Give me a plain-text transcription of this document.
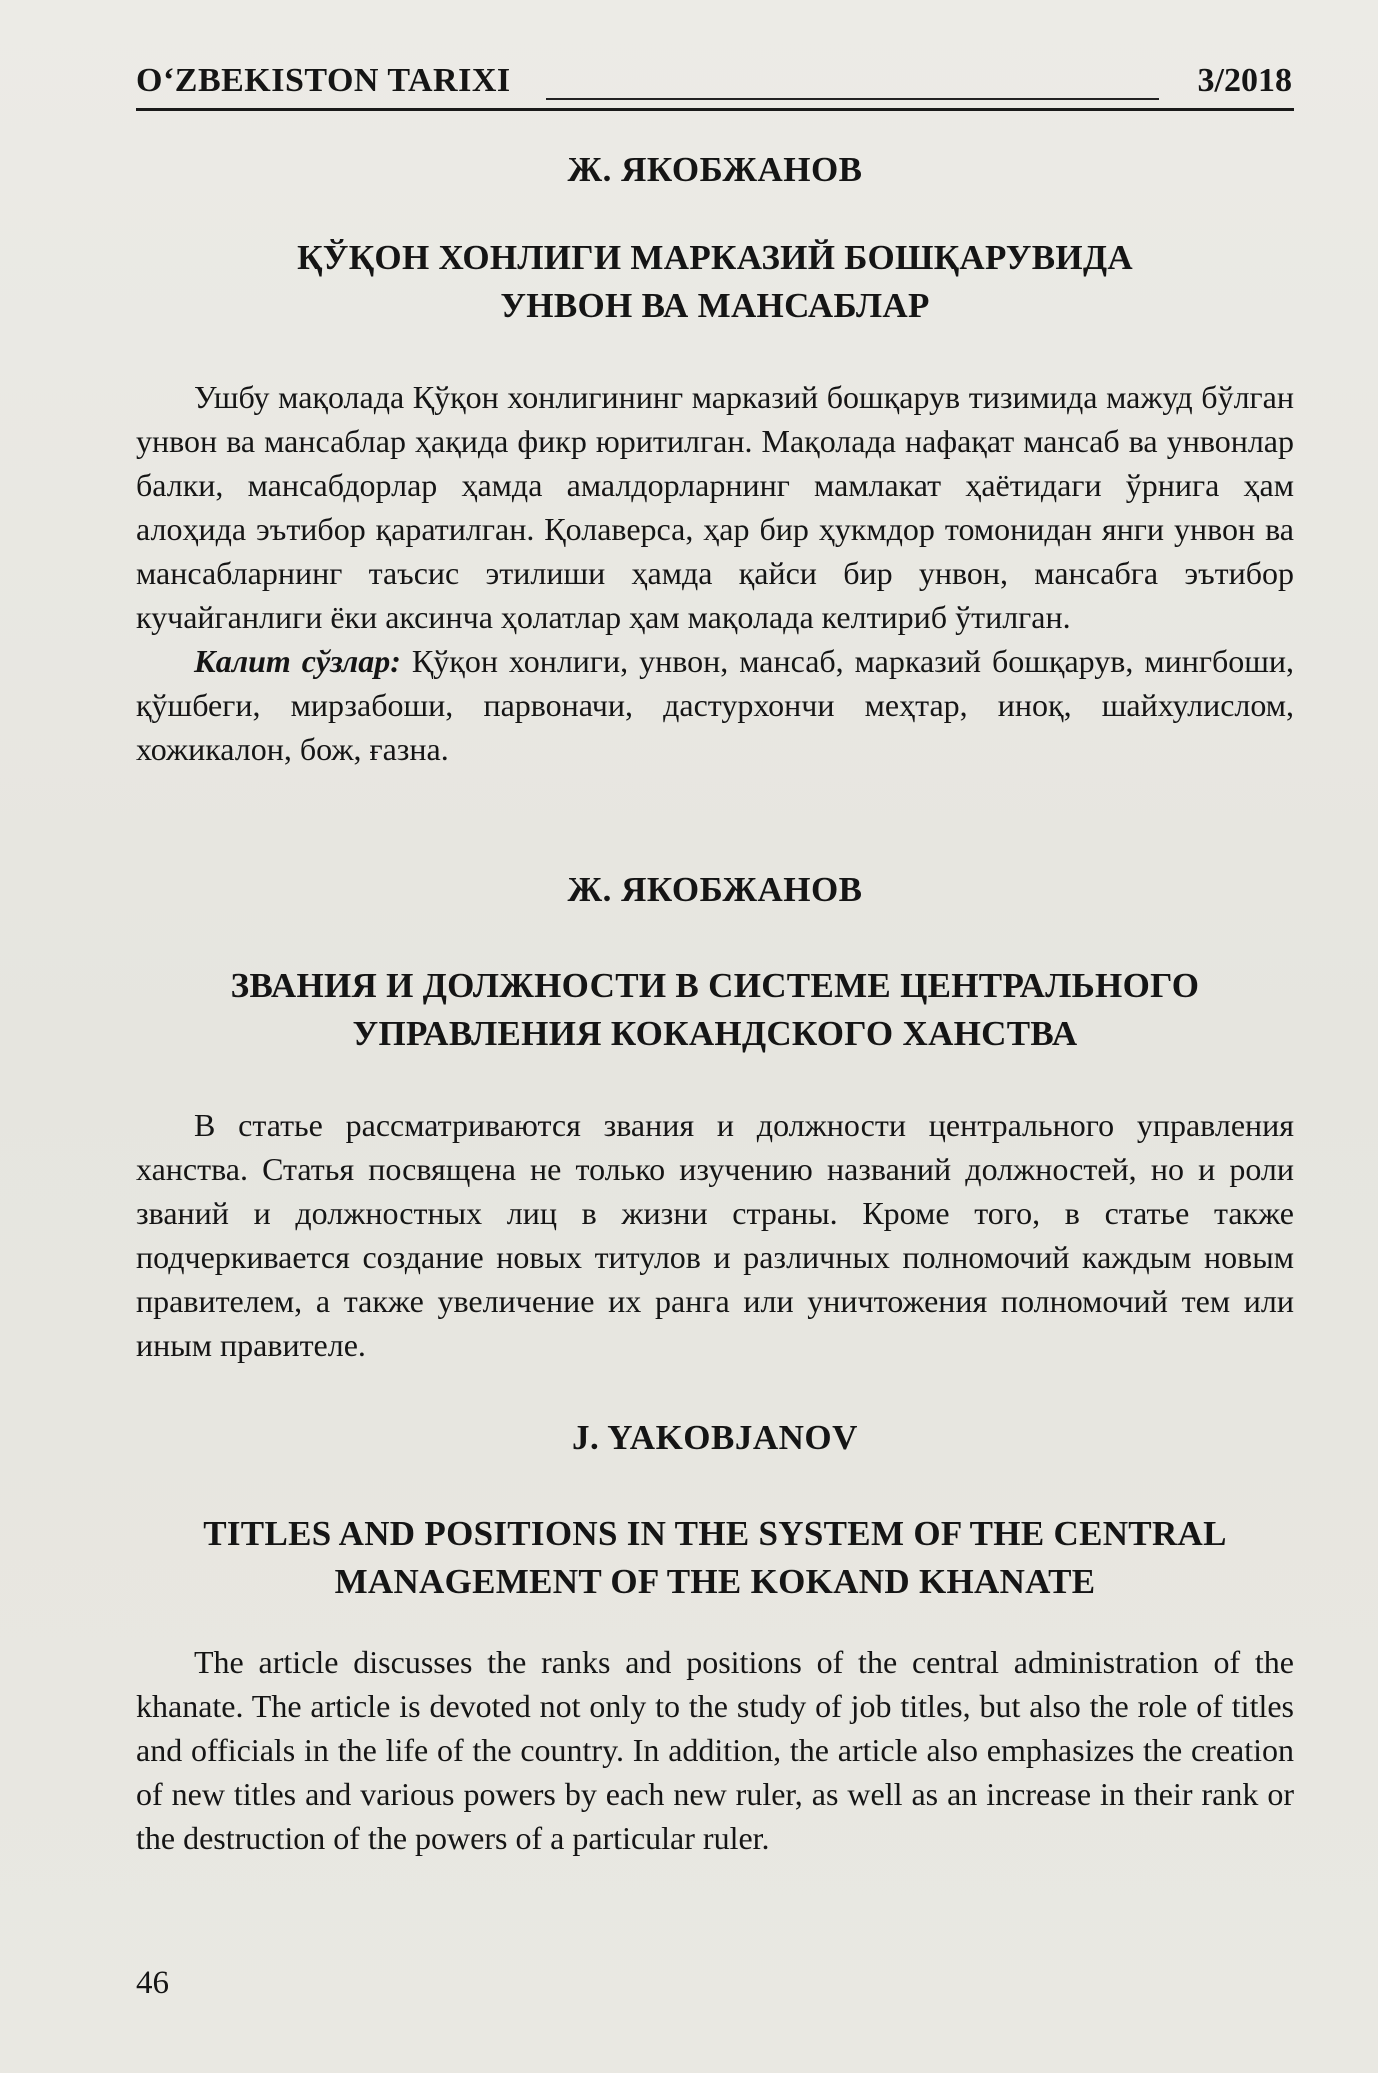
O‘ZBEKISTON TARIXI	3/2018

Ж. ЯКОБЖАНОВ

ҚЎҚОН ХОНЛИГИ МАРКАЗИЙ БОШҚАРУВИДА

УНВОН ВА МАНСАБЛАР

Ушбу мақолада Қўқон хонлигининг марказий бошқарув тизимида мажуд бўлган унвон ва мансаблар ҳақида фикр юритилган. Мақолада нафақат мансаб ва унвонлар балки, мансабдорлар ҳамда амалдорларнинг мамлакат ҳаётидаги ўрнига ҳам алоҳида эътибор қаратилган. Қолаверса, ҳар бир ҳукмдор томонидан янги унвон ва мансабларнинг таъсис этилиши ҳамда қайси бир унвон, мансабга эътибор кучайганлиги ёки аксинча ҳолатлар ҳам мақолада келтириб ўтилган.

Калит сўзлар: Қўқон хонлиги, унвон, мансаб, марказий бошқарув, мингбоши, қўшбеги, мирзабоши, парвоначи, дастурхончи меҳтар, иноқ, шайхулислом, хожикалон, бож, ғазна.

Ж. ЯКОБЖАНОВ

ЗВАНИЯ И ДОЛЖНОСТИ В СИСТЕМЕ ЦЕНТРАЛЬНОГО

УПРАВЛЕНИЯ КОКАНДСКОГО ХАНСТВА

В статье рассматриваются звания и должности центрального управления ханства. Статья посвящена не только изучению названий должностей, но и роли званий и должностных лиц в жизни страны. Кроме того, в статье также подчеркивается создание новых титулов и различных полномочий каждым новым правителем, а также увеличение их ранга или уничтожения полномочий тем или иным правителе.

J. YAKOBJANOV

TITLES AND POSITIONS IN THE SYSTEM OF THE CENTRAL

MANAGEMENT OF THE KOKAND KHANATE

The article discusses the ranks and positions of the central administration of the khanate. The article is devoted not only to the study of job titles, but also the role of titles and officials in the life of the country. In addition, the article also emphasizes the creation of new titles and various powers by each new ruler, as well as an increase in their rank or the destruction of the powers of a particular ruler.

46
